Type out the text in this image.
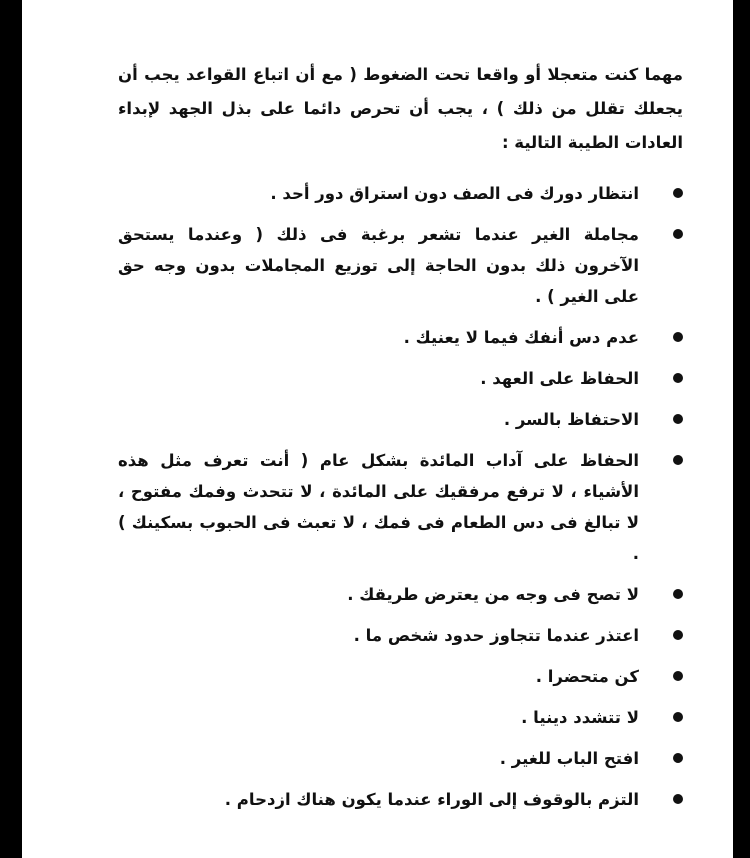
مهما كنت متعجلا أو واقعا تحت الضغوط ( مع أن اتباع القواعد يجب أن يجعلك تقلل من ذلك ) ، يجب أن تحرص دائما على بذل الجهد لإبداء العادات الطيبة التالية :

انتظار دورك فى الصف دون استراق دور أحد .
مجاملة الغير عندما تشعر برغبة فى ذلك ( وعندما يستحق الآخرون ذلك بدون الحاجة إلى توزيع المجاملات بدون وجه حق على الغير ) .
عدم دس أنفك فيما لا يعنيك .
الحفاظ على العهد .
الاحتفاظ بالسر .
الحفاظ على آداب المائدة بشكل عام ( أنت تعرف مثل هذه الأشياء ، لا ترفع مرفقيك على المائدة ، لا تتحدث وفمك مفتوح ، لا تبالغ فى دس الطعام فى فمك ، لا تعبث فى الحبوب بسكينك ) .
لا تصح فى وجه من يعترض طريقك .
اعتذر عندما تتجاوز حدود شخص ما .
كن متحضرا .
لا تتشدد دينيا .
افتح الباب للغير .
التزم بالوقوف إلى الوراء عندما يكون هناك ازدحام .
